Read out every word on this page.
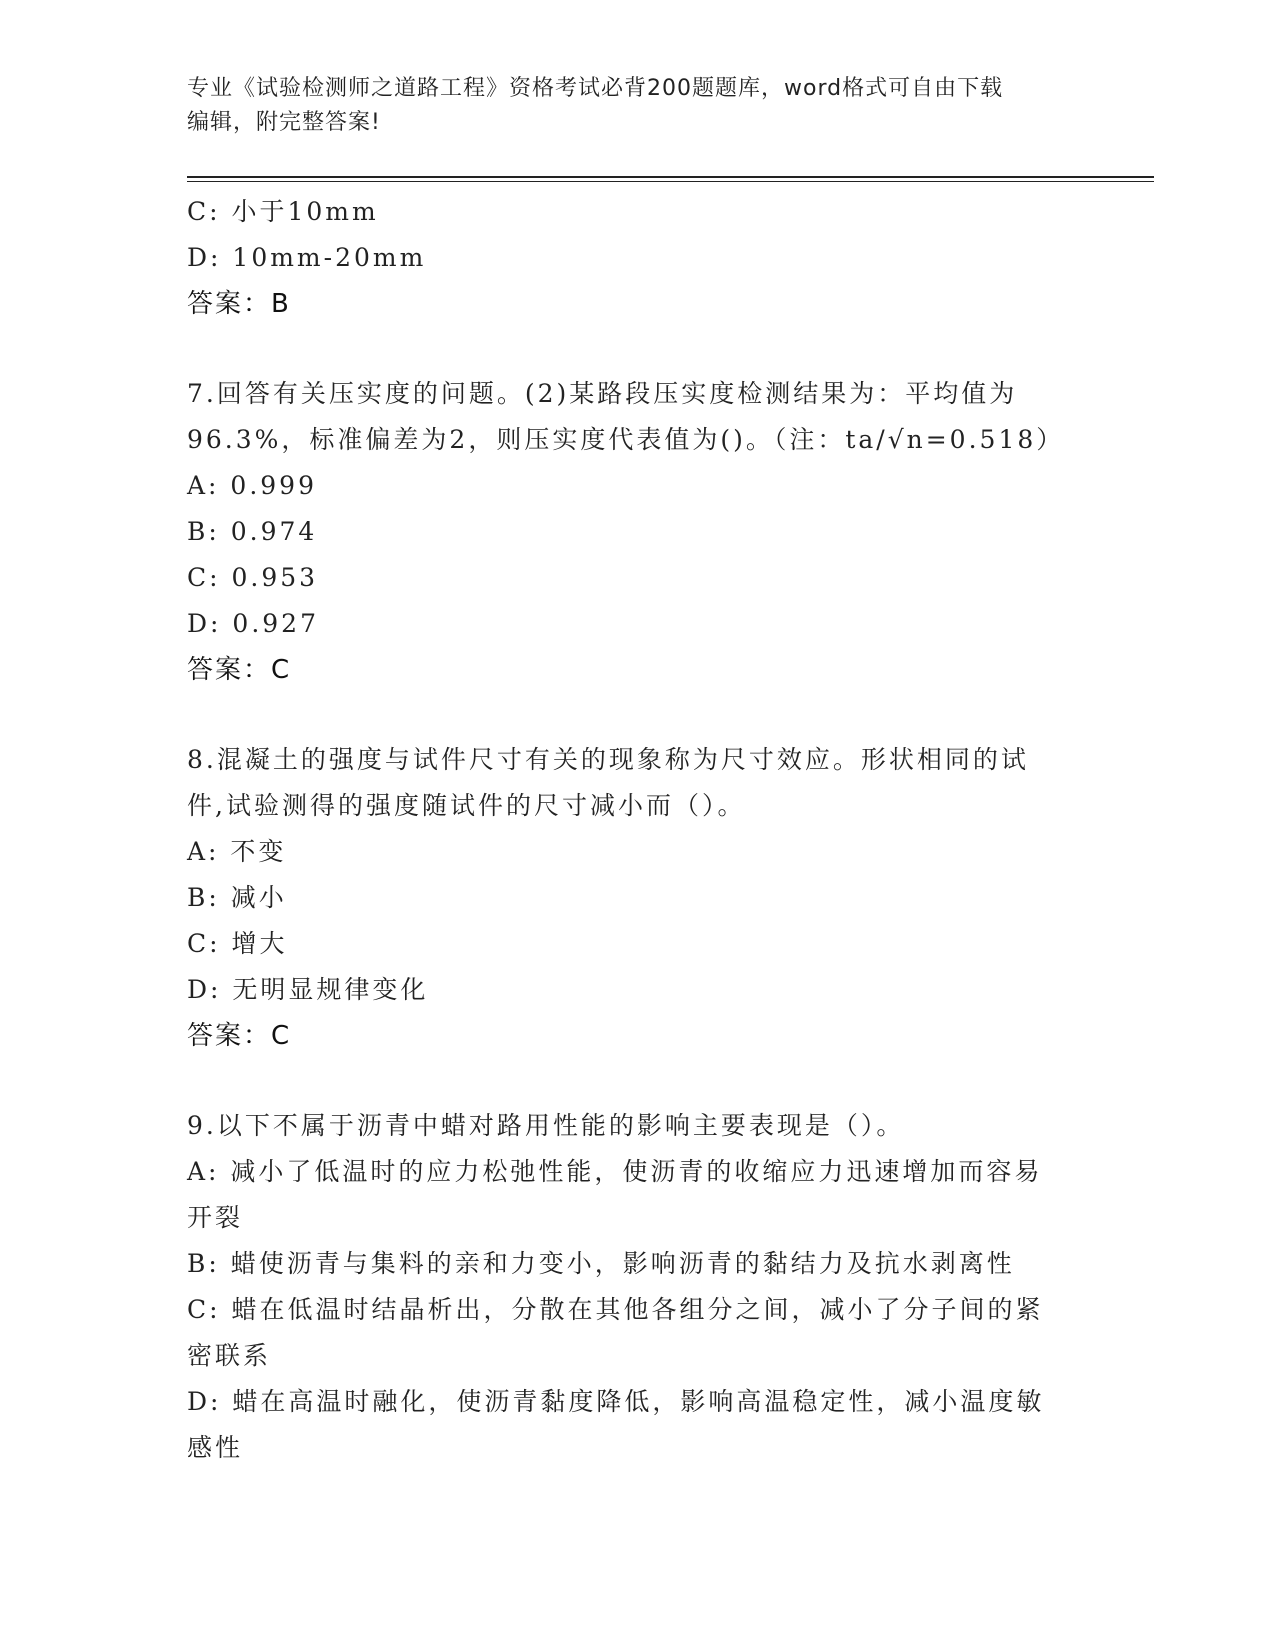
专业《试验检测师之道路工程》资格考试必背200题题库，word格式可自由下载
编辑，附完整答案!
C: 小于10mm
D: 10mm-20mm
答案：B
7.回答有关压实度的问题。(2)某路段压实度检测结果为：平均值为
96.3%，标准偏差为2，则压实度代表值为()。（注：ta/√n=0.518）
A: 0.999
B: 0.974
C: 0.953
D: 0.927
答案：C
8.混凝土的强度与试件尺寸有关的现象称为尺寸效应。形状相同的试
件,试验测得的强度随试件的尺寸减小而（）。
A: 不变
B: 减小
C: 增大
D: 无明显规律变化
答案：C
9.以下不属于沥青中蜡对路用性能的影响主要表现是（）。
A: 减小了低温时的应力松弛性能，使沥青的收缩应力迅速增加而容易
开裂
B: 蜡使沥青与集料的亲和力变小，影响沥青的黏结力及抗水剥离性
C: 蜡在低温时结晶析出，分散在其他各组分之间，减小了分子间的紧
密联系
D: 蜡在高温时融化，使沥青黏度降低，影响高温稳定性，减小温度敏
感性
